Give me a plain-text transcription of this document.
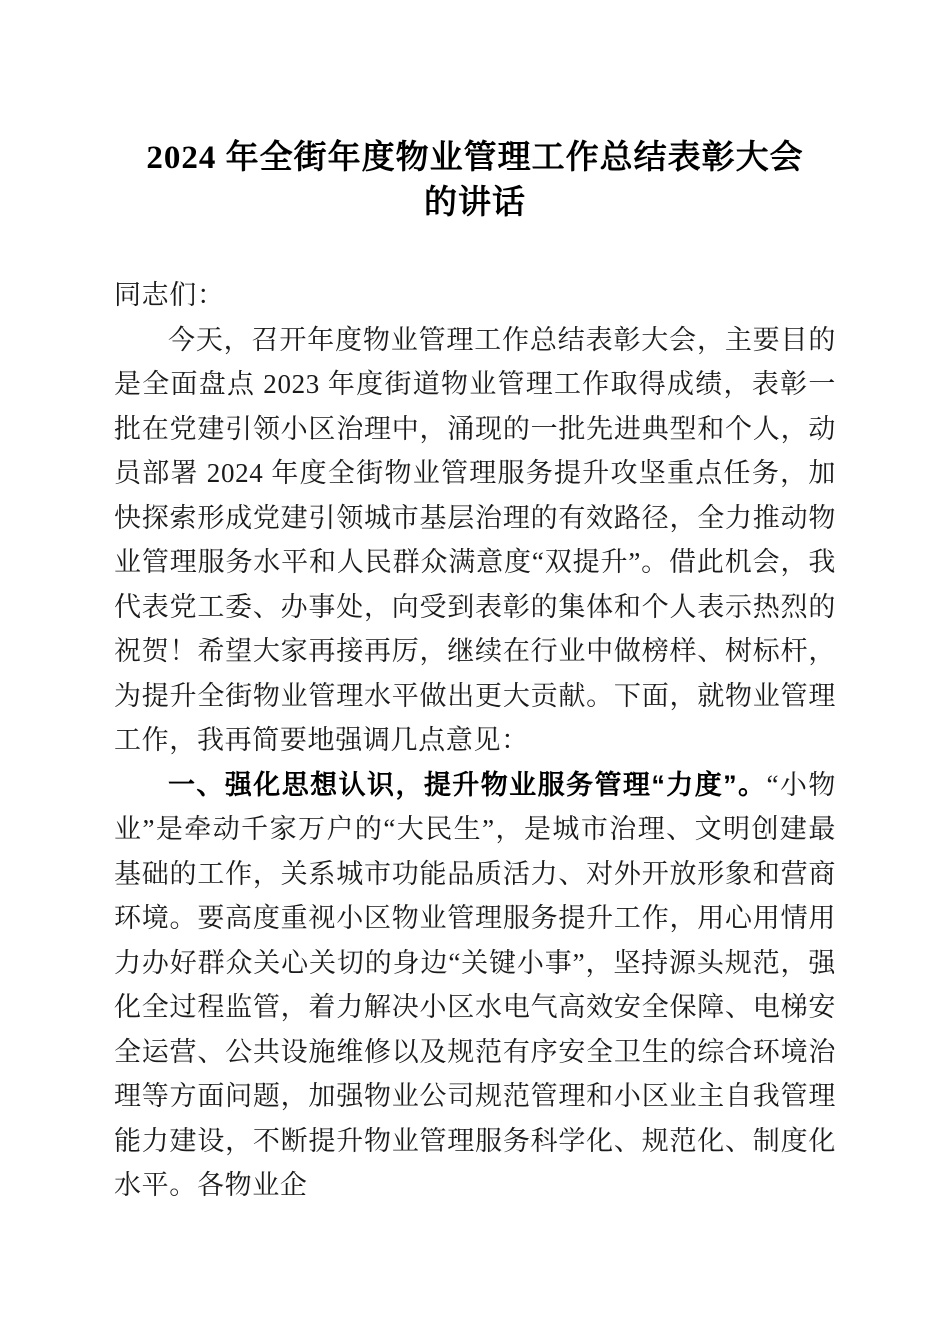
2024 年全街年度物业管理工作总结表彰大会
的讲话

同志们：

今天，召开年度物业管理工作总结表彰大会，主要目的是全面盘点 2023 年度街道物业管理工作取得成绩，表彰一批在党建引领小区治理中，涌现的一批先进典型和个人，动员部署 2024 年度全街物业管理服务提升攻坚重点任务，加快探索形成党建引领城市基层治理的有效路径，全力推动物业管理服务水平和人民群众满意度“双提升”。借此机会，我代表党工委、办事处，向受到表彰的集体和个人表示热烈的祝贺！希望大家再接再厉，继续在行业中做榜样、树标杆，为提升全街物业管理水平做出更大贡献。下面，就物业管理工作，我再简要地强调几点意见：

一、强化思想认识，提升物业服务管理“力度”。“小物业”是牵动千家万户的“大民生”，是城市治理、文明创建最基础的工作，关系城市功能品质活力、对外开放形象和营商环境。要高度重视小区物业管理服务提升工作，用心用情用力办好群众关心关切的身边“关键小事”，坚持源头规范，强化全过程监管，着力解决小区水电气高效安全保障、电梯安全运营、公共设施维修以及规范有序安全卫生的综合环境治理等方面问题，加强物业公司规范管理和小区业主自我管理能力建设，不断提升物业管理服务科学化、规范化、制度化水平。各物业企
